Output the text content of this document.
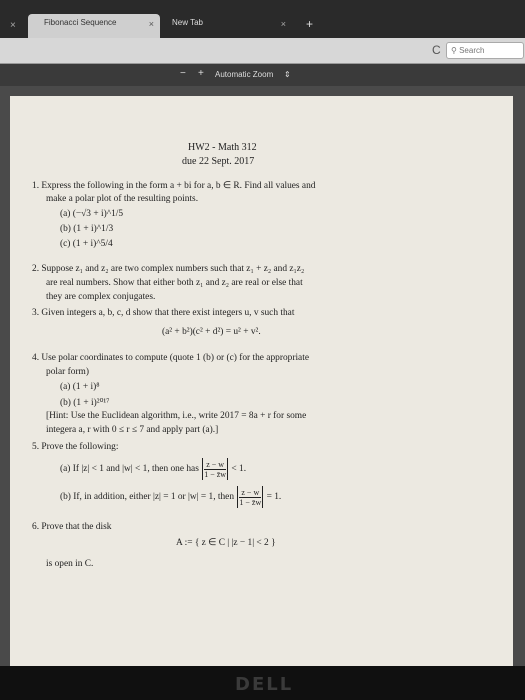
×	Fibonacci Sequence	×	New Tab	× +
C	⚲ Search
− + Automatic Zoom ⇕
HW2 - Math 312
due 22 Sept. 2017
1. Express the following in the form a + bi for a, b ∈ R. Find all values and
make a polar plot of the resulting points.
(a) (−√3 + i)^1/5
(b) (1 + i)^1/3
(c) (1 + i)^5/4
2. Suppose z₁ and z₂ are two complex numbers such that z₁ + z₂ and z₁z₂
are real numbers. Show that either both z₁ and z₂ are real or else that
they are complex conjugates.
3. Given integers a, b, c, d show that there exist integers u, v such that
(a² + b²)(c² + d²) = u² + v².
4. Use polar coordinates to compute (quote 1 (b) or (c) for the appropriate
polar form)
(a) (1 + i)⁸
(b) (1 + i)²⁰¹⁷
[Hint: Use the Euclidean algorithm, i.e., write 2017 = 8a + r for some
integera a, r with 0 ≤ r ≤ 7 and apply part (a).]
5. Prove the following:
(a) If |z| < 1 and |w| < 1, then one has $\frac{z - w}{1 - z̄w} < 1$.
(b) If, in addition, either |z| = 1 or |w| = 1, then $\frac{z - w}{1 - z̄w} = 1$.
6. Prove that the disk
A := { z ∈ C | |z − 1| < 2 }
is open in C.
DELL
